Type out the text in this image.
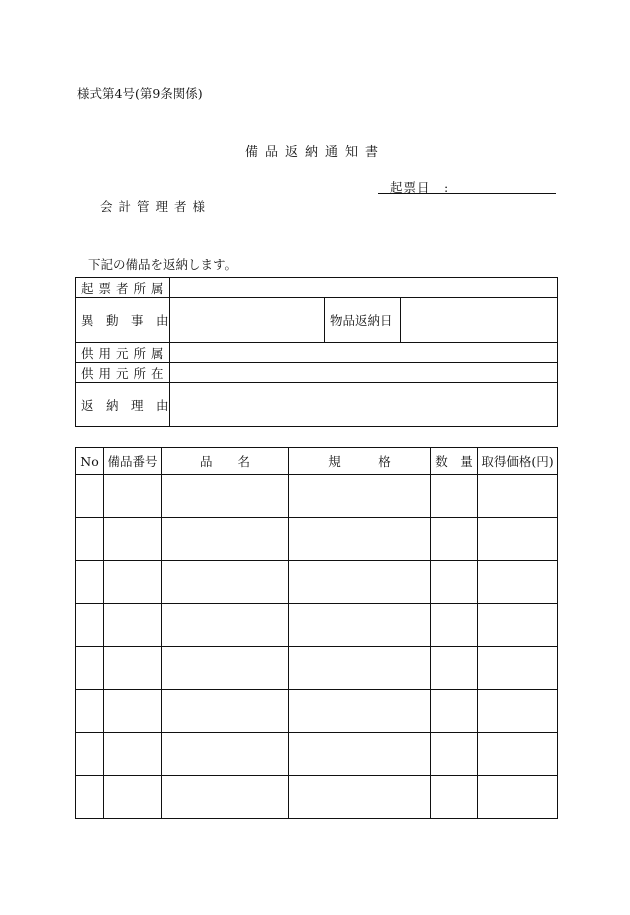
様式第4号(第9条関係)
備品返納通知書
起票日　:
会計管理者様
下記の備品を返納します。
起票者所属			
異　動　事　由		物品返納日	
供用元所属			
供用元所在			
返　納　理　由			
No	備品番号	品　　名	規　　　格	数　量	取得価格(円)
